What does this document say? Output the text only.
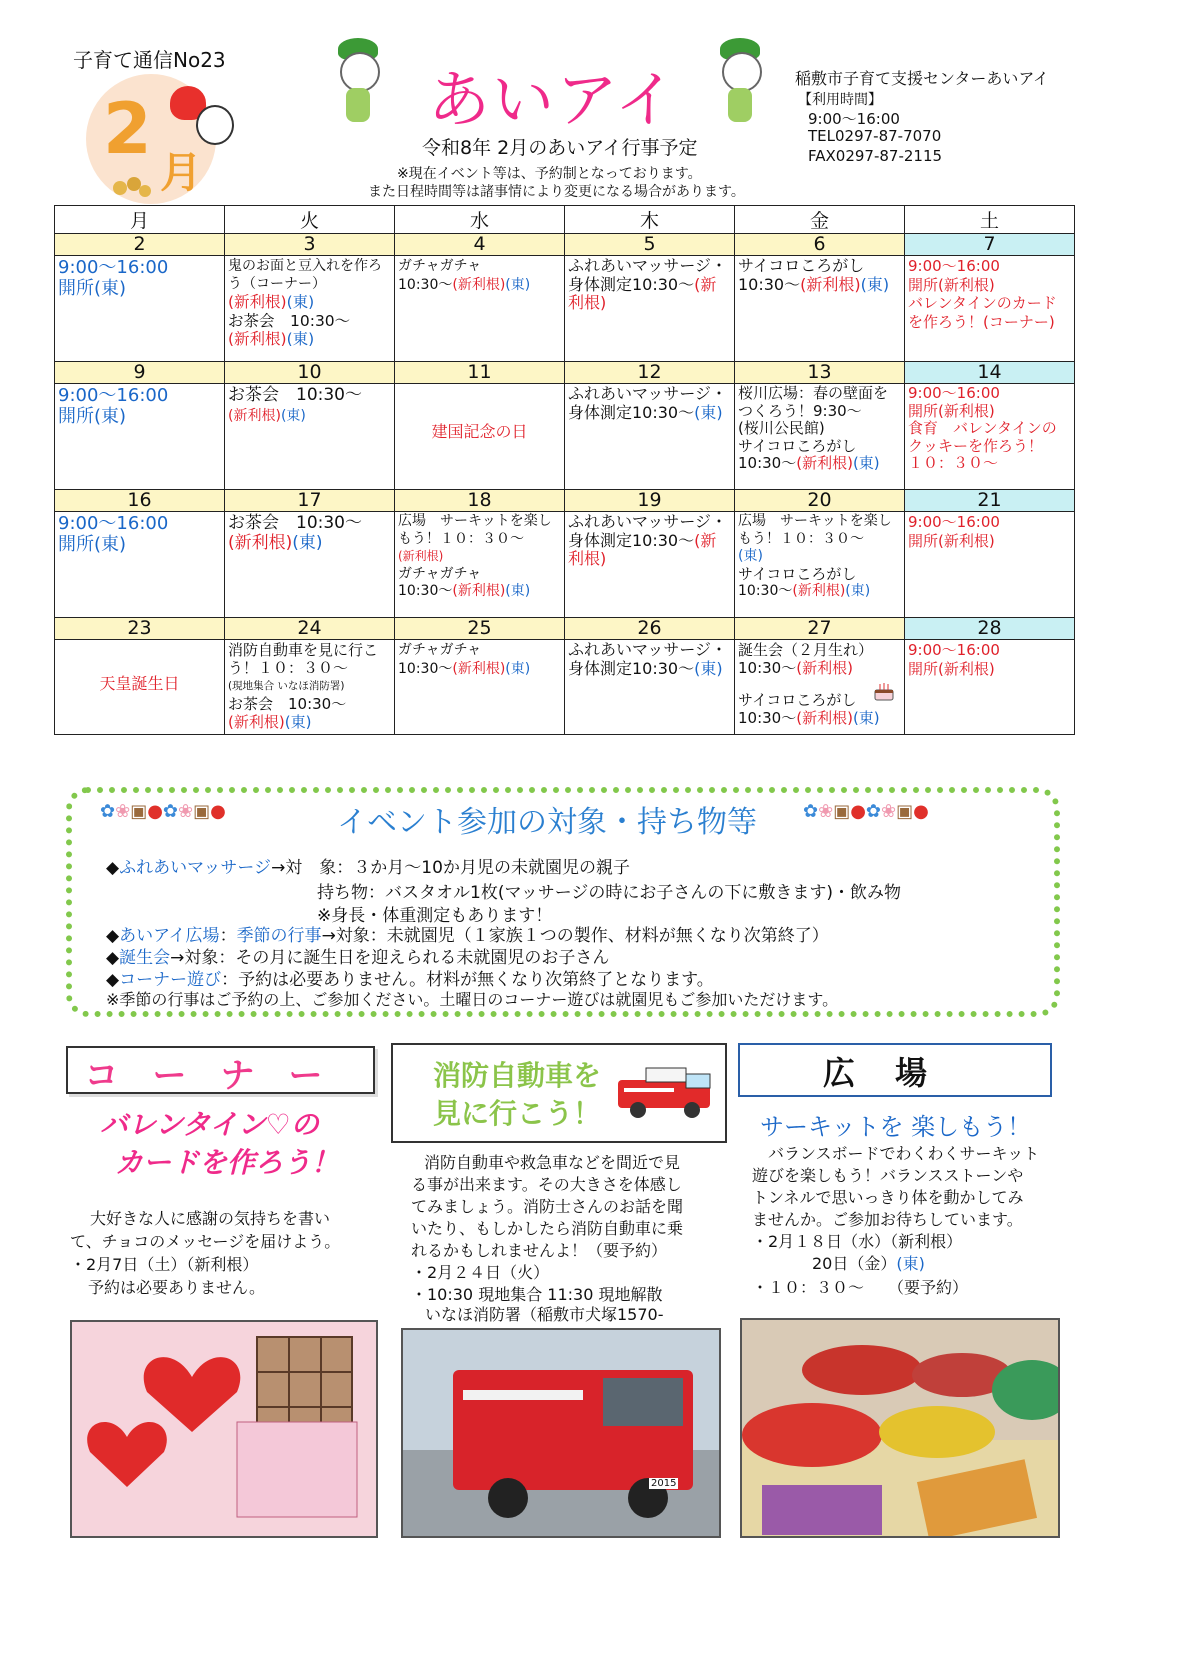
子育て通信No23
2
月
あいアイ
令和8年 2月のあいアイ行事予定
※現在イベント等は、予約制となっております。
また日程時間等は諸事情により変更になる場合があります。
稲敷市子育て支援センターあいアイ
【利用時間】
9:00～16:00
TEL0297-87-7070
FAX0297-87-2115
月	火	水	木	金	土
2	3	4	5	6	7

9:00～16:00
開所(東)	鬼のお面と豆入れを作ろう（コーナー）
(新利根)(東)
お茶会　10:30～
(新利根)(東)	ガチャガチャ
10:30～(新利根)(東)	ふれあいマッサージ・身体測定10:30～(新利根)	サイコロころがし
10:30～(新利根)(東)	9:00～16:00
開所(新利根)
バレンタインのカードを作ろう！(コーナー)

9	10	11	12	13	14

9:00～16:00
開所(東)	お茶会　10:30～
(新利根)(東)	建国記念の日	ふれあいマッサージ・身体測定10:30～(東)	桜川広場：春の壁面をつくろう！9:30～
(桜川公民館)
サイコロころがし
10:30～(新利根)(東)	9:00～16:00
開所(新利根)
食育　バレンタインのクッキーを作ろう！
１０：３０～

16	17	18	19	20	21

9:00～16:00
開所(東)	お茶会　10:30～
(新利根)(東)	広場　サーキットを楽しもう！１０：３０～
(新利根)
ガチャガチャ
10:30～(新利根)(東)	ふれあいマッサージ・身体測定10:30～(新利根)	広場　サーキットを楽しもう！１０：３０～
(東)
サイコロころがし
10:30～(新利根)(東)	9:00～16:00
開所(新利根)

23	24	25	26	27	28

天皇誕生日	消防自動車を見に行こう！１０：３０～
(現地集合 いなほ消防署)
お茶会　10:30～
(新利根)(東)	ガチャガチャ
10:30～(新利根)(東)	ふれあいマッサージ・身体測定10:30～(東)	誕生会（２月生れ）
10:30～(新利根)
サイコロころがし
10:30～(新利根)(東)	9:00～16:00
開所(新利根)
✿❀▣●✿❀▣●	イベント参加の対象・持ち物等	✿❀▣●✿❀▣●
◆ふれあいマッサージ→対　象：３か月～10か月児の未就園児の親子
持ち物：バスタオル1枚(マッサージの時にお子さんの下に敷きます)・飲み物
※身長・体重測定もあります！
◆あいアイ広場：季節の行事→対象：未就園児（１家族１つの製作、材料が無くなり次第終了）
◆誕生会→対象：その月に誕生日を迎えられる未就園児のお子さん
◆コーナー遊び：予約は必要ありません。材料が無くなり次第終了となります。
※季節の行事はご予約の上、ご参加ください。土曜日のコーナー遊びは就園児もご参加いただけます。
コーナー
バレンタイン♡の
カードを作ろう！
大好きな人に感謝の気持ちを書い
て、チョコのメッセージを届けよう。
・2月7日（土）（新利根）
予約は必要ありません。
消防自動車を
見に行こう！
消防自動車や救急車などを間近で見
る事が出来ます。その大きさを体感し
てみましょう。消防士さんのお話を聞
いたり、もしかしたら消防自動車に乗
れるかもしれませんよ！（要予約）
・2月２４日（火）
・10:30 現地集合 11:30 現地解散
いなほ消防署（稲敷市犬塚1570-
2015
広場
サーキットを 楽しもう！
バランスボードでわくわくサーキット
遊びを楽しもう！バランスストーンや
トンネルで思いっきり体を動かしてみ
ませんか。ご参加お待ちしています。
・2月１８日（水）（新利根）
20日（金）(東)
・１０：３０～　　（要予約）
